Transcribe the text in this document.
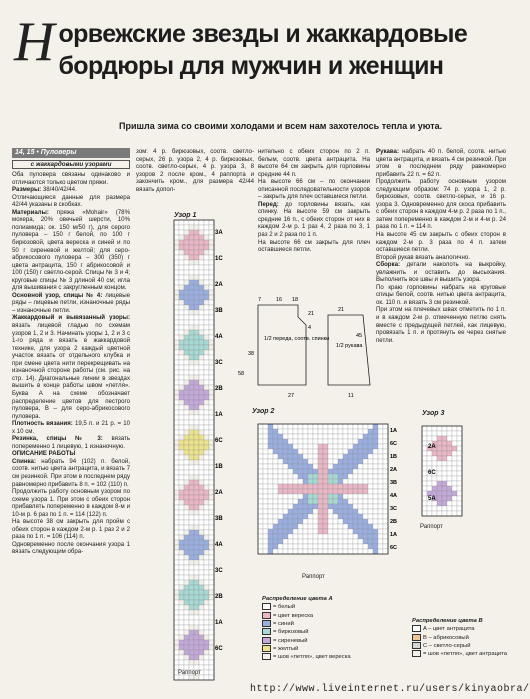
Н орвежские звезды и жаккардовые
бордюры для мужчин и женщин
Пришла зима со своими холодами и всем нам захотелось тепла и уюта.
14, 15 • Пуловеры
с жаккардовыми узорами

Оба пуловера связаны одинаково и отличаются только цветом пряжи.

Размеры: 38/40/42/44.

Отличающиеся данные для размера 42/44 указаны в скобках.

Материалы: пряжа «Mohair» (78% мохера, 20% овечьей шерсти, 10% полиамида; ок. 150 м/50 г), для серого пуловера – 150 г белой, по 100 г бирюзовой, цвета вереска и синей и по 50 г сиреневой и желтой; для серо-абрикосового пуловера – 300 (350) г цвета антрацита, 150 г абрикосовой и 100 (150) г светло-серой. Спицы № 3 и 4; круговые спицы № 3 длиной 40 см; игла для вышивания с закругленным концом.

Основной узор, спицы № 4: лицевые ряды – лицевые петли, изнаночные ряды – изнаночные петли.

Жаккардовый и вывязанный узоры: вязать лицевой гладью по схемам узоров 1, 2 и 3. Начинать узоры 1, 2 и 3 с 1-го ряда и вязать в жаккардовой технике, для узора 2 каждый цветной участок вязать от отдельного клубка и при смене цвета нити перекрещивать на изнаночной стороне работы (см. рис. на стр. 14). Диагональные линии в звездах вышить в конце работы швом «петля». Буква A на схеме обозначает распределение цветов для пестрого пуловера, B – для серо-абрикосового пуловера.

Плотность вязания: 19,5 п. и 21 р. = 10 х 10 см.

Резинка, спицы № 3: вязать попеременно 1 лицевую, 1 изнаночную.

ОПИСАНИЕ РАБОТЫ

Спинка: набрать 94 (102) п. белой, соотв. нитью цвета антрацита, и вязать 7 см резинкой. При этом в последнем ряду равномерно прибавить 8 п. = 102 (110) п.

Продолжить работу основным узором по схеме узора 1. При этом с обеих сторон прибавлять попеременно в каждом 8-м и 10-м р. 6 раз по 1 п. = 114 (122) п.

На высоте 38 см закрыть для пройм с обеих сторон в каждом 2-м р. 1 раз 2 и 2 раза по 1 п. = 106 (114) п.

Одновременно после окончания узора 1 вязать следующим обра-

зом: 4 р. бирюзовых, соотв. светло-серых, 26 р. узора 2, 4 р. бирюзовых, соотв. светло-серых, 4 р. узора 3, 8 узоров 2 после кром., 4 раппорта и закончить кром., для размера 42/44 вязать допол-

нительно с обеих сторон по 2 п. белым, соотв. цвета антрацита. На высоте 64 см закрыть для горловины средние 44 п.

На высоте 66 см – по окончании описанной последовательности узоров – закрыть для плеч оставшиеся петли.

Перед: до горловины вязать, как спинку. На высоте 59 см закрыть средние 16 п., с обеих сторон от них в каждом 2-м р. 1 раз 4, 2 раза по 3, 1 раз 2 и 2 раза по 1 п.

На высоте 66 см закрыть для плеч оставшиеся петли.

Рукава: набрать 40 п. белой, соотв. нитью цвета антрацита, и вязать 4 см резинкой. При этом в последнем ряду равномерно прибавить 22 п. = 62 п.

Продолжить работу основным узором следующим образом: 74 р. узора 1, 2 р. бирюзовых, соотв. светло-серых, и 16 р. узора 3. Одновременно для скоса прибавить с обеих сторон в каждом 4-м р. 2 раза по 1 п., затем попеременно в каждом 2-м и 4-м р. 24 раза по 1 п. = 114 п.

На высоте 45 см закрыть с обеих сторон в каждом 2-м р. 3 раза по 4 п. затем оставшиеся петли.

Второй рукав вязать аналогично.

Сборка: детали наколоть на выкройку, увлажнить и оставить до высыхания. Выполнить все швы и вышить узора.

По краю горловины набрать на круговые спицы белой, соотв. нитью цвета антрацита, ок. 110 п. и вязать 3 см резинкой.

При этом на плечевых швах отметить по 1 п. и в каждом 2-м р. отмеченную петлю снять вместе с предыдущей петлей, как лицевую, провязать 1 п. и протянуть ее через снятые петли.

Узор 1
3A
1C
2A
3B
4A
3C
2B
1A
6C
1B
2A
3B
4A
3C
2B
1A
6C
Раппорт
1/2 переда, соотв. спинки
1/2 рукава
7	16 18
21
4
45
21
27
38
58
11
Узор 2
1A
6C
1B
2A
3B
4A
3C
2B
1A
6C
Раппорт
Узор 3
2A
6C
5A
Раппорт
Распределение цвета A
= белый
= цвет вереска
= синий
= бирюзовый
= сиреневый
= желтый
= шов «петля», цвет вереска
Распределение цвета B
A – цвет антрацита
B – абрикосовый
C – светло-серый
= шов «петля», цвет антрацита
http://www.liveinternet.ru/users/kinyaobra/
